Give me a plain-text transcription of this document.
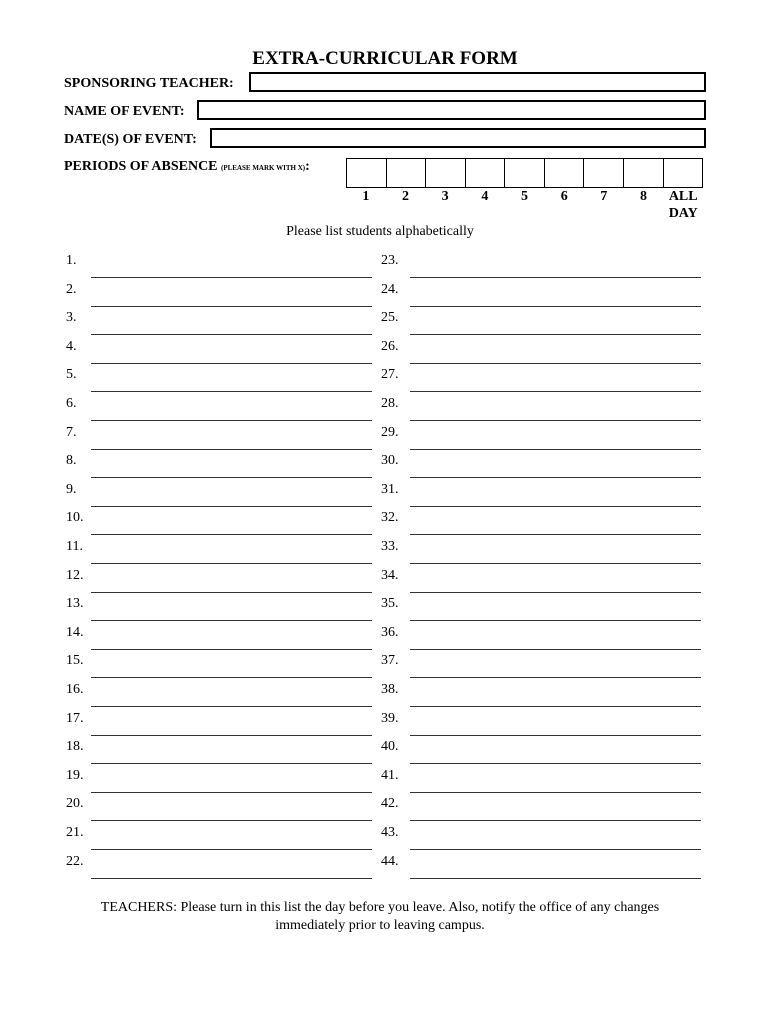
EXTRA-CURRICULAR FORM
SPONSORING TEACHER:
NAME OF EVENT:
DATE(S) OF EVENT:
PERIODS OF ABSENCE (PLEASE MARK WITH X):
1	2	3	4	5	6	7	8	ALL DAY
Please list students alphabetically
1.	23.
2.	24.
3.	25.
4.	26.
5.	27.
6.	28.
7.	29.
8.	30.
9.	31.
10.	32.
11.	33.
12.	34.
13.	35.
14.	36.
15.	37.
16.	38.
17.	39.
18.	40.
19.	41.
20.	42.
21.	43.
22.	44.
TEACHERS: Please turn in this list the day before you leave. Also, notify the office of any changes
immediately prior to leaving campus.
